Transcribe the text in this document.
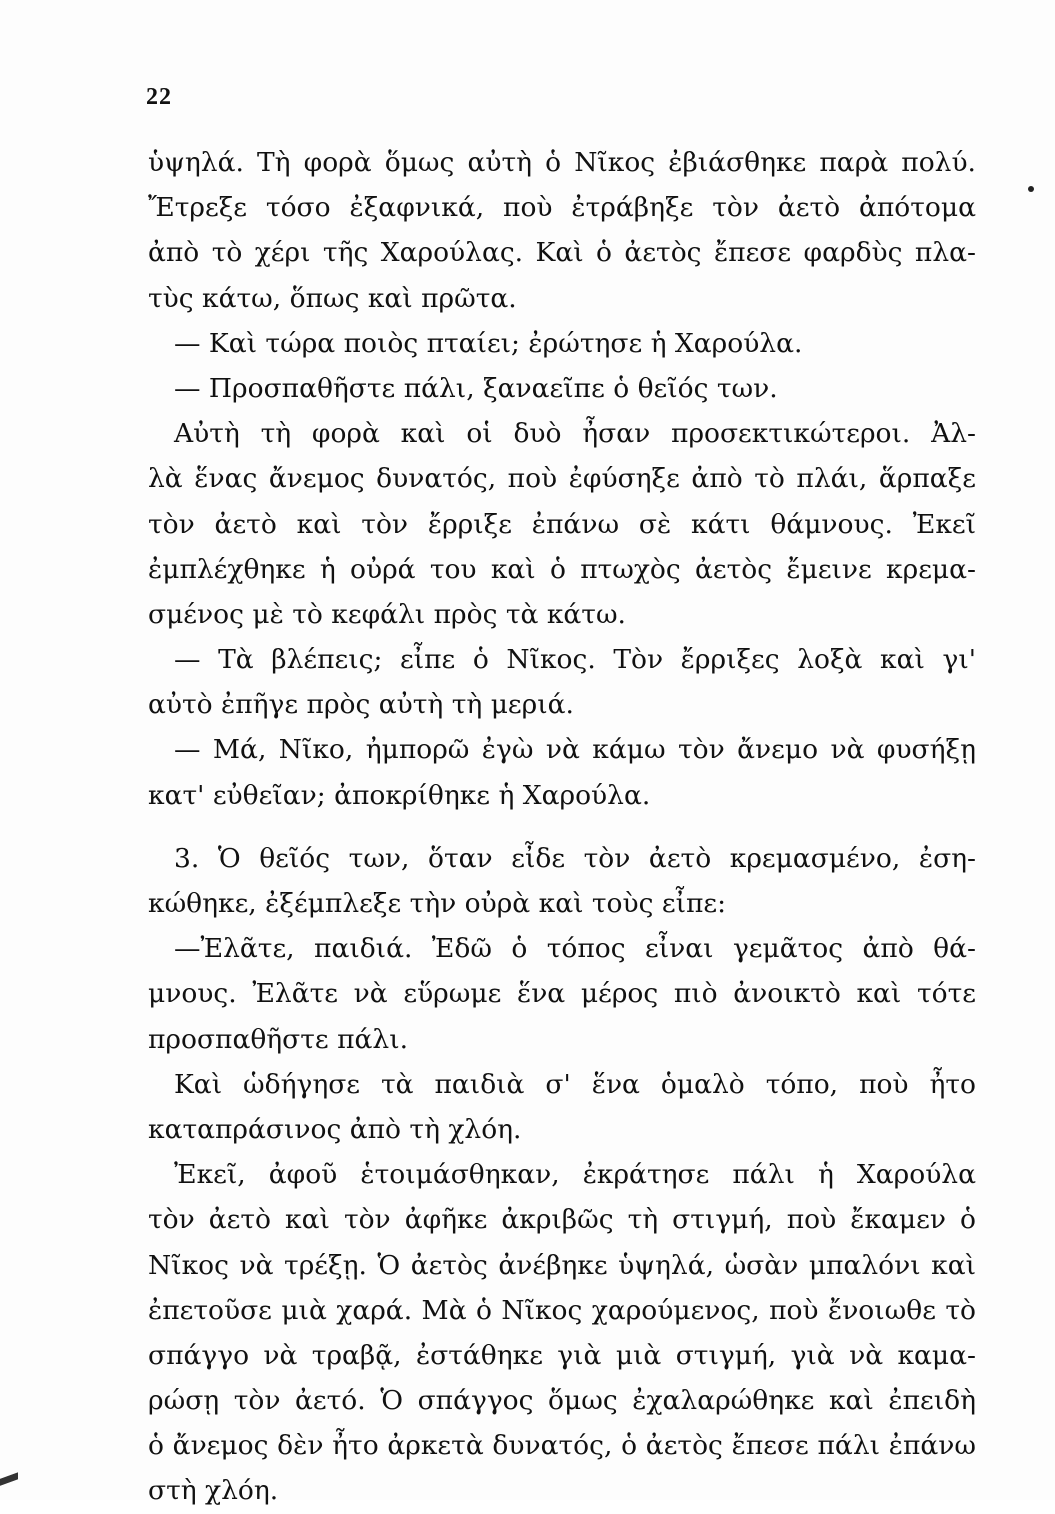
22
ὑψηλά. Τὴ φορὰ ὅμως αὐτὴ ὁ Νῖκος ἐβιάσθηκε παρὰ πολύ.
Ἔτρεξε τόσο ἐξαφνικά, ποὺ ἐτράβηξε τὸν ἀετὸ ἀπότομα
ἀπὸ τὸ χέρι τῆς Χαρούλας. Καὶ ὁ ἀετὸς ἔπεσε φαρδὺς πλα-
τὺς κάτω, ὅπως καὶ πρῶτα.
— Καὶ τώρα ποιὸς πταίει; ἐρώτησε ἡ Χαρούλα.
— Προσπαθῆστε πάλι, ξαναεῖπε ὁ θεῖός των.
Αὐτὴ τὴ φορὰ καὶ οἱ δυὸ ἦσαν προσεκτικώτεροι. Ἀλ-
λὰ ἕνας ἄνεμος δυνατός, ποὺ ἐφύσηξε ἀπὸ τὸ πλάι, ἅρπαξε
τὸν ἀετὸ καὶ τὸν ἔρριξε ἐπάνω σὲ κάτι θάμνους. Ἐκεῖ
ἐμπλέχθηκε ἡ οὐρά του καὶ ὁ πτωχὸς ἀετὸς ἔμεινε κρεμα-
σμένος μὲ τὸ κεφάλι πρὸς τὰ κάτω.
— Τὰ βλέπεις; εἶπε ὁ Νῖκος. Τὸν ἔρριξες λοξὰ καὶ γι'
αὐτὸ ἐπῆγε πρὸς αὐτὴ τὴ μεριά.
— Μά, Νῖκο, ἠμπορῶ ἐγὼ νὰ κάμω τὸν ἄνεμο νὰ φυσήξῃ
κατ' εὐθεῖαν; ἀποκρίθηκε ἡ Χαρούλα.
3. Ὁ θεῖός των, ὅταν εἶδε τὸν ἀετὸ κρεμασμένο, ἐση-
κώθηκε, ἐξέμπλεξε τὴν οὐρὰ καὶ τοὺς εἶπε:
—Ἐλᾶτε, παιδιά. Ἐδῶ ὁ τόπος εἶναι γεμᾶτος ἀπὸ θά-
μνους. Ἐλᾶτε νὰ εὕρωμε ἕνα μέρος πιὸ ἀνοικτὸ καὶ τότε
προσπαθῆστε πάλι.
Καὶ ὡδήγησε τὰ παιδιὰ σ' ἕνα ὁμαλὸ τόπο, ποὺ ἦτο
καταπράσινος ἀπὸ τὴ χλόη.
Ἐκεῖ, ἀφοῦ ἑτοιμάσθηκαν, ἐκράτησε πάλι ἡ Χαρούλα
τὸν ἀετὸ καὶ τὸν ἀφῆκε ἀκριβῶς τὴ στιγμή, ποὺ ἔκαμεν ὁ
Νῖκος νὰ τρέξῃ. Ὁ ἀετὸς ἀνέβηκε ὑψηλά, ὡσὰν μπαλόνι καὶ
ἐπετοῦσε μιὰ χαρά. Μὰ ὁ Νῖκος χαρούμενος, ποὺ ἔνοιωθε τὸ
σπάγγο νὰ τραβᾷ, ἐστάθηκε γιὰ μιὰ στιγμή, γιὰ νὰ καμα-
ρώσῃ τὸν ἀετό. Ὁ σπάγγος ὅμως ἐχαλαρώθηκε καὶ ἐπειδὴ
ὁ ἄνεμος δὲν ἦτο ἀρκετὰ δυνατός, ὁ ἀετὸς ἔπεσε πάλι ἐπάνω
στὴ χλόη.
